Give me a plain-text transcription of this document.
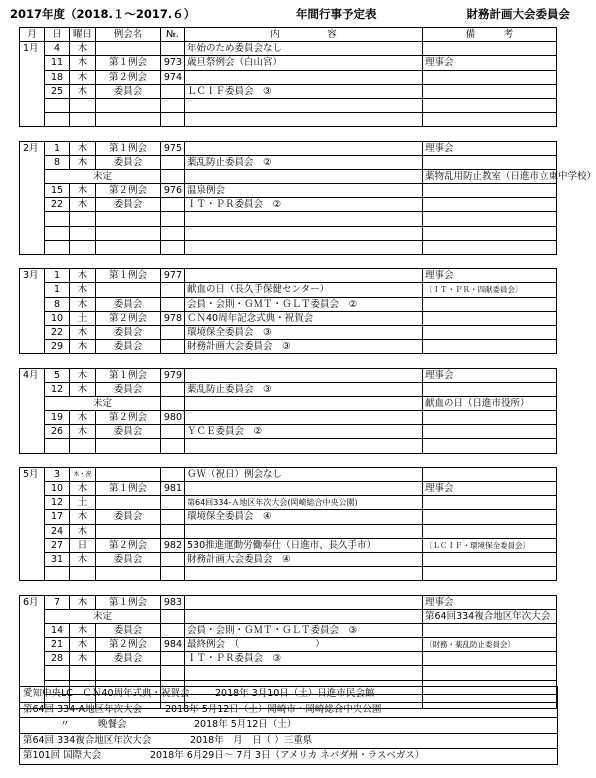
2017年度（2018.１～2017.６）	年間行事予定表	財務計画大会委員会
月	日	曜日	例会名	№.	内　　　　　容	備　　　考	
1月	4	木			年始のため委員会なし		
	11	木	第１例会	973	歳旦祭例会（白山宮）	理事会	
	18	木	第２例会	974			
	25	木	委員会		ＬＣＩＦ委員会　③		

2月	1	木	第１例会	975		理事会	
	8	木	委員会		薬乱防止委員会　②		
	未定					薬物乱用防止教室（日進市立東中学校）	
	15	木	第２例会	976	温泉例会		
	22	木	委員会		ＩＴ・ＰＲ委員会　②		

3月	1	木	第１例会	977		理事会	
	1	木			献血の日（長久手保健センター）	〔ＩＴ・ＰＲ・四献委員会〕	
	8	木	委員会		会員・会則・ＧＭＴ・ＧＬＴ委員会　②		
	10	土	第２例会	978	ＣＮ40周年記念式典・祝賀会		
	22	木	委員会		環境保全委員会　③		
	29	木	委員会		財務計画大会委員会　③		

4月	5	木	第１例会	979		理事会	
	12	木	委員会		薬乱防止委員会　③		
	未定					献血の日（日進市役所）	
	19	木	第２例会	980			
	26	木	委員会		ＹＣＥ委員会　②		

5月	3	木・祝			ＧＷ（祝日）例会なし		
	10	木	第１例会	981		理事会	
	12	土			第64回334-Ａ地区年次大会(岡崎総合中央公園)		
	17	木	委員会		環境保全委員会　④		
	24	木					
	27	日	第２例会	982	530推進運動労働奉仕（日進市、長久手市）	〔ＬＣＩＦ・環境保全委員会〕	
	31	木	委員会		財務計画大会委員会　④		

6月	7	木	第１例会	983		理事会	
	未定					第64回334複合地区年次大会	
	14	木	委員会		会員・会則・ＧＭＴ・ＧＬＴ委員会　③		
	21	木	第２例会	984	最終例会　（　　　　　　　　）	〔財務・薬乱防止委員会〕	
	28	木	委員会		ＩＴ・ＰＲ委員会　③		

愛知中央LC　ＣＮ40周年式典・祝賀会	2018年 3月10日（土）日進市民会館
第64回 334-A地区年次大会 2018年 5月12日（土）岡崎市・岡崎総合中央公園
〃　　　晩餐会	2018年 5月12日（土）
第64回 334複合地区年次大会	2018年　月　日（ ）三重県
第101回 国際大会	2018年 6月29日～ 7月 3日（アメリカ ネバダ州・ラスベガス）
